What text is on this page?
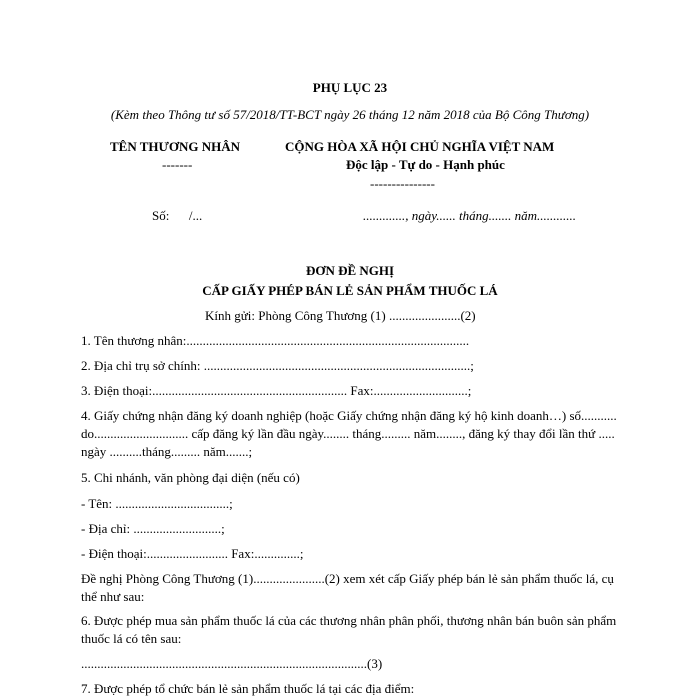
PHỤ LỤC 23
(Kèm theo Thông tư số 57/2018/TT-BCT ngày 26 tháng 12 năm 2018 của Bộ Công Thương)
TÊN THƯƠNG NHÂN
-------
CỘNG HÒA XÃ HỘI CHỦ NGHĨA VIỆT NAM
Độc lập - Tự do - Hạnh phúc
---------------
Số:      /...	............., ngày...... tháng....... năm............
ĐƠN ĐỀ NGHỊ
CẤP GIẤY PHÉP BÁN LẺ SẢN PHẨM THUỐC LÁ
Kính gửi: Phòng Công Thương (1) ......................(2)
1. Tên thương nhân:.......................................................................................
2. Địa chỉ trụ sở chính: ..................................................................................;
3. Điện thoại:............................................................ Fax:.............................;
4. Giấy chứng nhận đăng ký doanh nghiệp (hoặc Giấy chứng nhận đăng ký hộ kinh doanh…) số........... do............................. cấp đăng ký lần đầu ngày........ tháng......... năm........, đăng ký thay đổi lần thứ ..... ngày ..........tháng......... năm.......;
5. Chi nhánh, văn phòng đại diện (nếu có)
- Tên: ...................................;
- Địa chỉ: ...........................;
- Điện thoại:......................... Fax:..............;
Đề nghị Phòng Công Thương (1)......................(2) xem xét cấp Giấy phép bán lẻ sản phẩm thuốc lá, cụ thể như sau:
6. Được phép mua sản phẩm thuốc lá của các thương nhân phân phối, thương nhân bán buôn sản phẩm thuốc lá có tên sau:
........................................................................................(3)
7. Được phép tổ chức bán lẻ sản phẩm thuốc lá tại các địa điểm:
